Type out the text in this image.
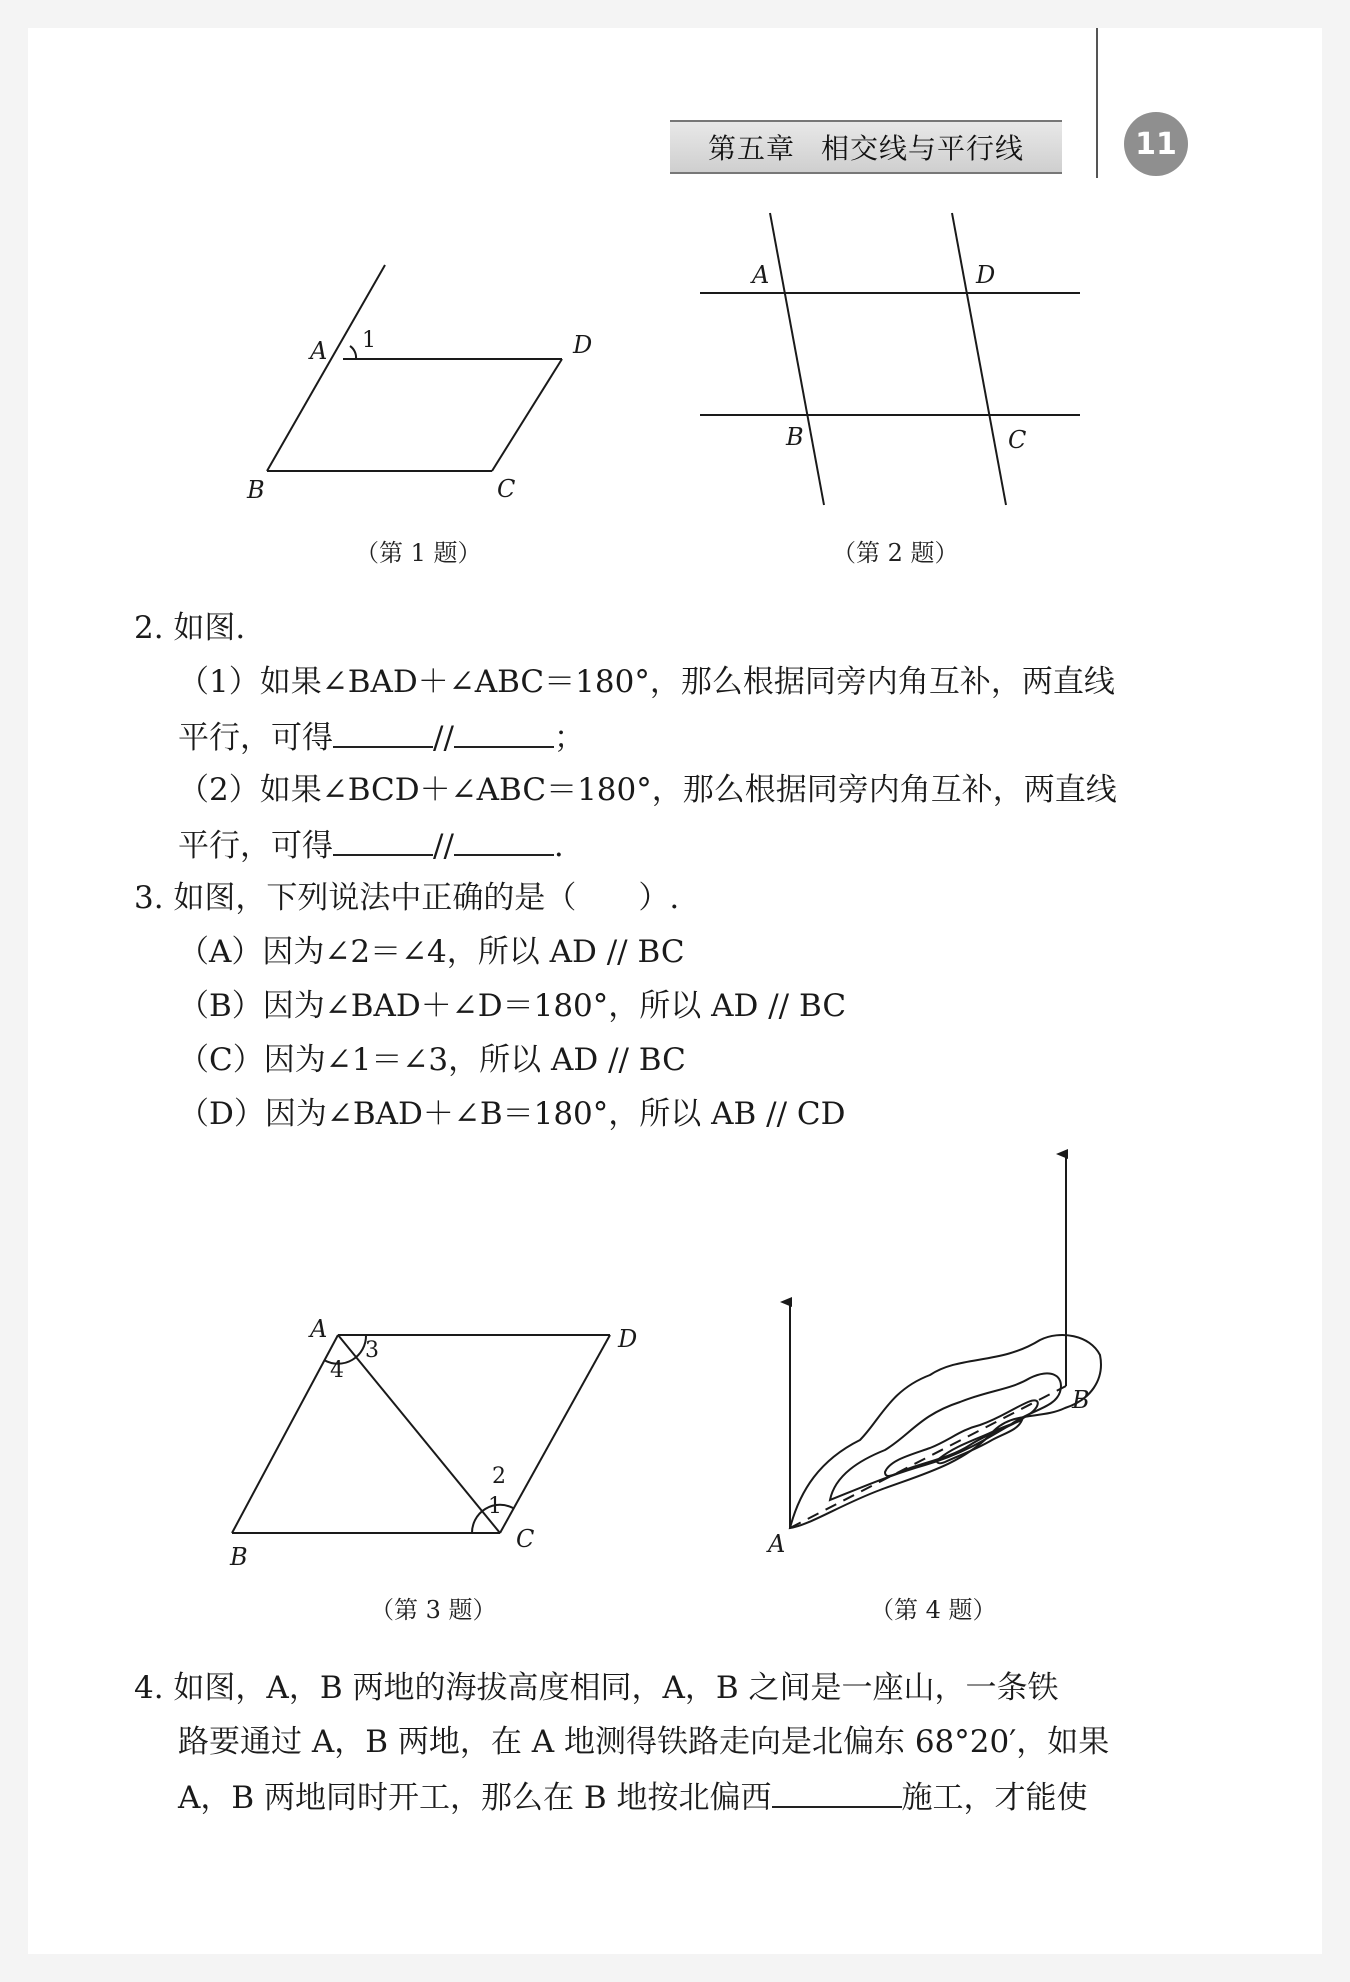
第五章 相交线与平行线	11
A 1	D
B	C
（第 1 题）
A	D
B	C
（第 2 题）
2. 如图.
（1）如果∠BAD＋∠ABC＝180°，那么根据同旁内角互补，两直线
平行，可得	//	；
（2）如果∠BCD＋∠ABC＝180°，那么根据同旁内角互补，两直线
平行，可得	//	.
3. 如图，下列说法中正确的是（　　）.
（A）因为∠2＝∠4，所以 AD // BC
（B）因为∠BAD＋∠D＝180°，所以 AD // BC
（C）因为∠1＝∠3，所以 AD // BC
（D）因为∠BAD＋∠B＝180°，所以 AB // CD
A
3
4
D
1
2
B
C
（第 3 题）
A
B
（第 4 题）
4. 如图，A，B 两地的海拔高度相同，A，B 之间是一座山，一条铁
路要通过 A，B 两地，在 A 地测得铁路走向是北偏东 68°20′，如果
A，B 两地同时开工，那么在 B 地按北偏西	施工，才能使
